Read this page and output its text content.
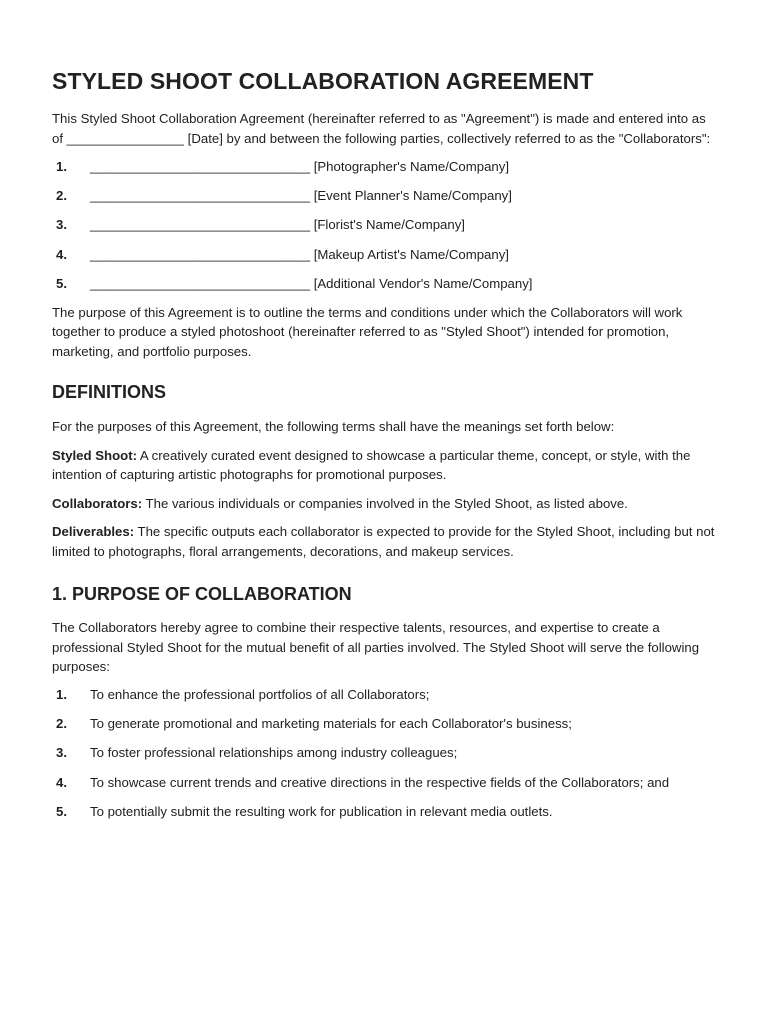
STYLED SHOOT COLLABORATION AGREEMENT

This Styled Shoot Collaboration Agreement (hereinafter referred to as "Agreement") is made and entered into as of ________________ [Date] by and between the following parties, collectively referred to as the "Collaborators":

1.	______________________________ [Photographer's Name/Company]
2.	______________________________ [Event Planner's Name/Company]
3.	______________________________ [Florist's Name/Company]
4.	______________________________ [Makeup Artist's Name/Company]
5.	______________________________ [Additional Vendor's Name/Company]

The purpose of this Agreement is to outline the terms and conditions under which the Collaborators will work together to produce a styled photoshoot (hereinafter referred to as "Styled Shoot") intended for promotion, marketing, and portfolio purposes.

DEFINITIONS

For the purposes of this Agreement, the following terms shall have the meanings set forth below:

Styled Shoot: A creatively curated event designed to showcase a particular theme, concept, or style, with the intention of capturing artistic photographs for promotional purposes.

Collaborators: The various individuals or companies involved in the Styled Shoot, as listed above.

Deliverables: The specific outputs each collaborator is expected to provide for the Styled Shoot, including but not limited to photographs, floral arrangements, decorations, and makeup services.

1. PURPOSE OF COLLABORATION

The Collaborators hereby agree to combine their respective talents, resources, and expertise to create a professional Styled Shoot for the mutual benefit of all parties involved. The Styled Shoot will serve the following purposes:

1.	To enhance the professional portfolios of all Collaborators;
2.	To generate promotional and marketing materials for each Collaborator's business;
3.	To foster professional relationships among industry colleagues;
4.	To showcase current trends and creative directions in the respective fields of the Collaborators; and
5.	To potentially submit the resulting work for publication in relevant media outlets.
